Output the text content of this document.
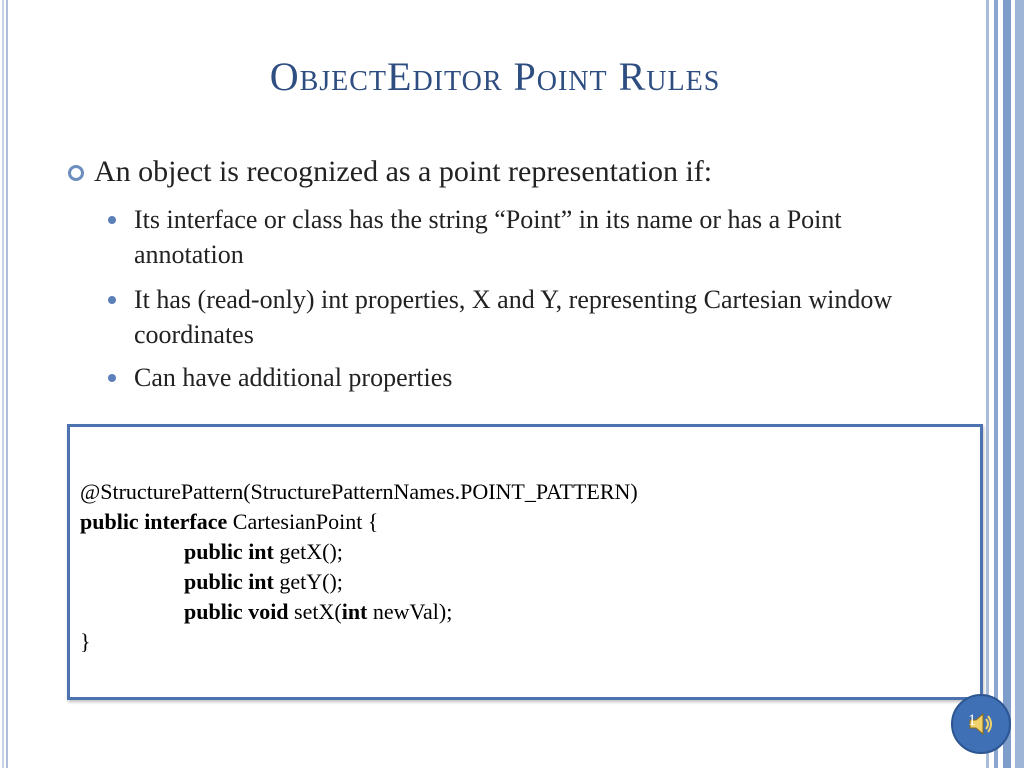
ObjectEditor Point Rules
An object is recognized as a point representation if:
Its interface or class has the string “Point” in its name or has a Point annotation
It has (read-only) int properties, X and Y, representing Cartesian window coordinates
Can have additional properties
@StructurePattern(StructurePatternNames.POINT_PATTERN)
public interface CartesianPoint {
public int getX();
public int getY();
public void setX(int newVal);
}
1
